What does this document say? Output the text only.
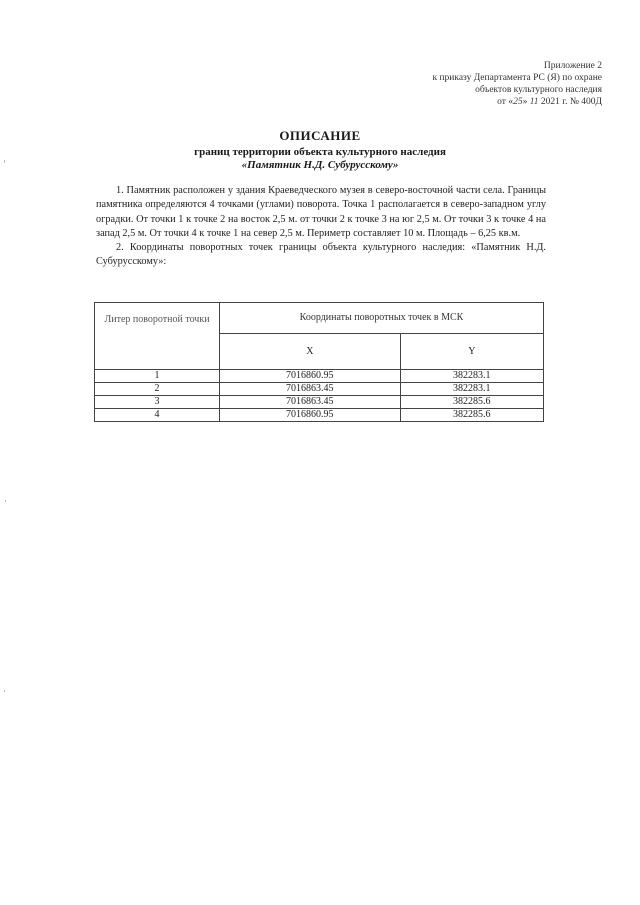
Приложение 2
к приказу Департамента РС (Я) по охране
объектов культурного наследия
от «25» 11 2021 г. № 400Д
ОПИСАНИЕ
границ территории объекта культурного наследия
«Памятник Н.Д. Субурусскому»

1. Памятник расположен у здания Краеведческого музея в северо-восточной части села. Границы памятника определяются 4 точками (углами) поворота. Точка 1 располагается в северо-западном углу оградки. От точки 1 к точке 2 на восток 2,5 м. от точки 2 к точке 3 на юг 2,5 м. От точки 3 к точке 4 на запад 2,5 м. От точки 4 к точке 1 на север 2,5 м. Периметр составляет 10 м. Площадь – 6,25 кв.м.

2. Координаты поворотных точек границы объекта культурного наследия: «Памятник Н.Д. Субурусскому»:

Литер поворотной точки	Координаты поворотных точек в МСК	
	X	Y
1	7016860.95	382283.1
2	7016863.45	382283.1
3	7016863.45	382285.6
4	7016860.95	382285.6
